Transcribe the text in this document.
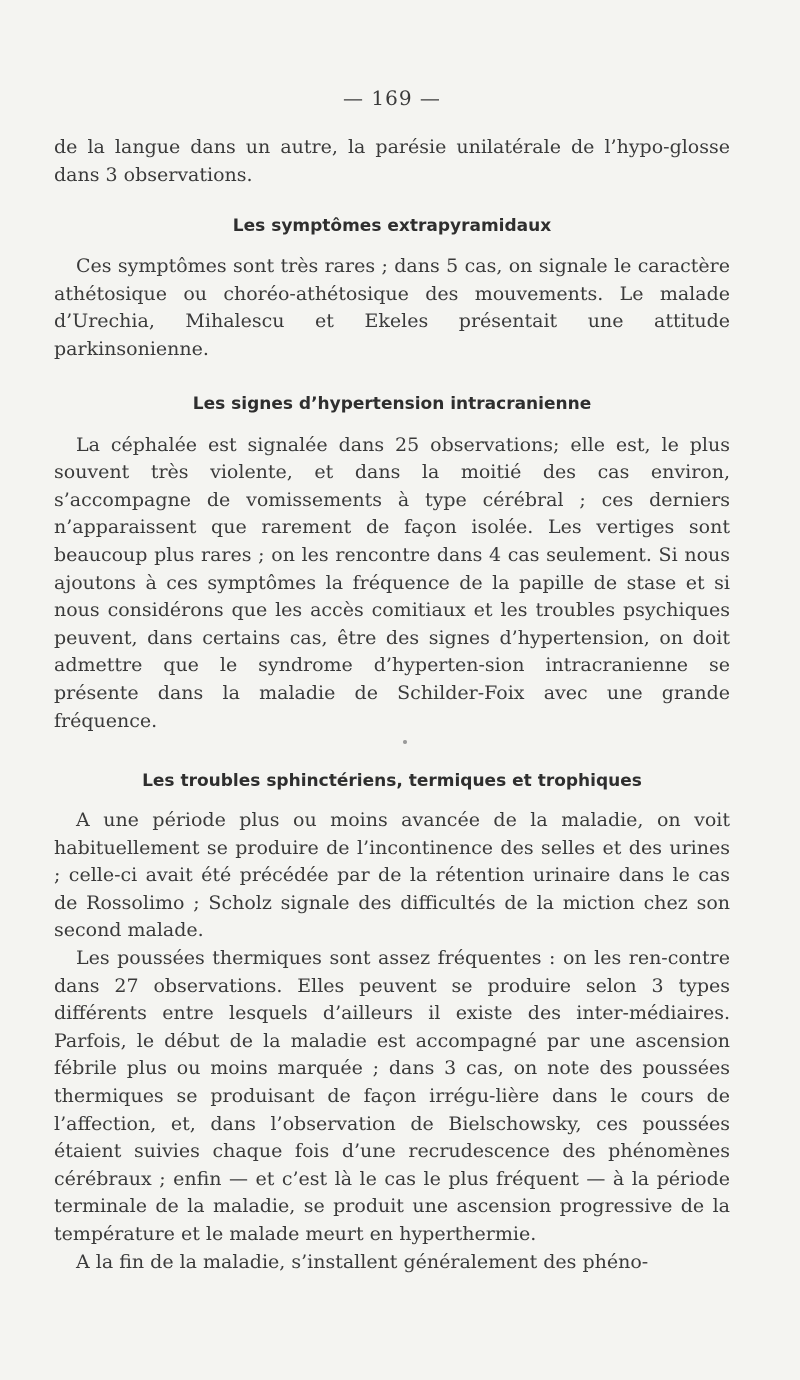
— 169 —

de la langue dans un autre, la parésie unilatérale de l’hypo-glosse dans 3 observations.

Les symptômes extrapyramidaux

Ces symptômes sont très rares ; dans 5 cas, on signale le caractère athétosique ou choréo-athétosique des mouvements. Le malade d’Urechia, Mihalescu et Ekeles présentait une attitude parkinsonienne.

Les signes d’hypertension intracranienne

La céphalée est signalée dans 25 observations; elle est, le plus souvent très violente, et dans la moitié des cas environ, s’accompagne de vomissements à type cérébral ; ces derniers n’apparaissent que rarement de façon isolée. Les vertiges sont beaucoup plus rares ; on les rencontre dans 4 cas seulement. Si nous ajoutons à ces symptômes la fréquence de la papille de stase et si nous considérons que les accès comitiaux et les troubles psychiques peuvent, dans certains cas, être des signes d’hypertension, on doit admettre que le syndrome d’hyperten-sion intracranienne se présente dans la maladie de Schilder-Foix avec une grande fréquence.

Les troubles sphinctériens, termiques et trophiques

A une période plus ou moins avancée de la maladie, on voit habituellement se produire de l’incontinence des selles et des urines ; celle-ci avait été précédée par de la rétention urinaire dans le cas de Rossolimo ; Scholz signale des difficultés de la miction chez son second malade.

Les poussées thermiques sont assez fréquentes : on les ren-contre dans 27 observations. Elles peuvent se produire selon 3 types différents entre lesquels d’ailleurs il existe des inter-médiaires. Parfois, le début de la maladie est accompagné par une ascension fébrile plus ou moins marquée ; dans 3 cas, on note des poussées thermiques se produisant de façon irrégu-lière dans le cours de l’affection, et, dans l’observation de Bielschowsky, ces poussées étaient suivies chaque fois d’une recrudescence des phénomènes cérébraux ; enfin — et c’est là le cas le plus fréquent — à la période terminale de la maladie, se produit une ascension progressive de la température et le malade meurt en hyperthermie.

A la fin de la maladie, s’installent généralement des phéno-
